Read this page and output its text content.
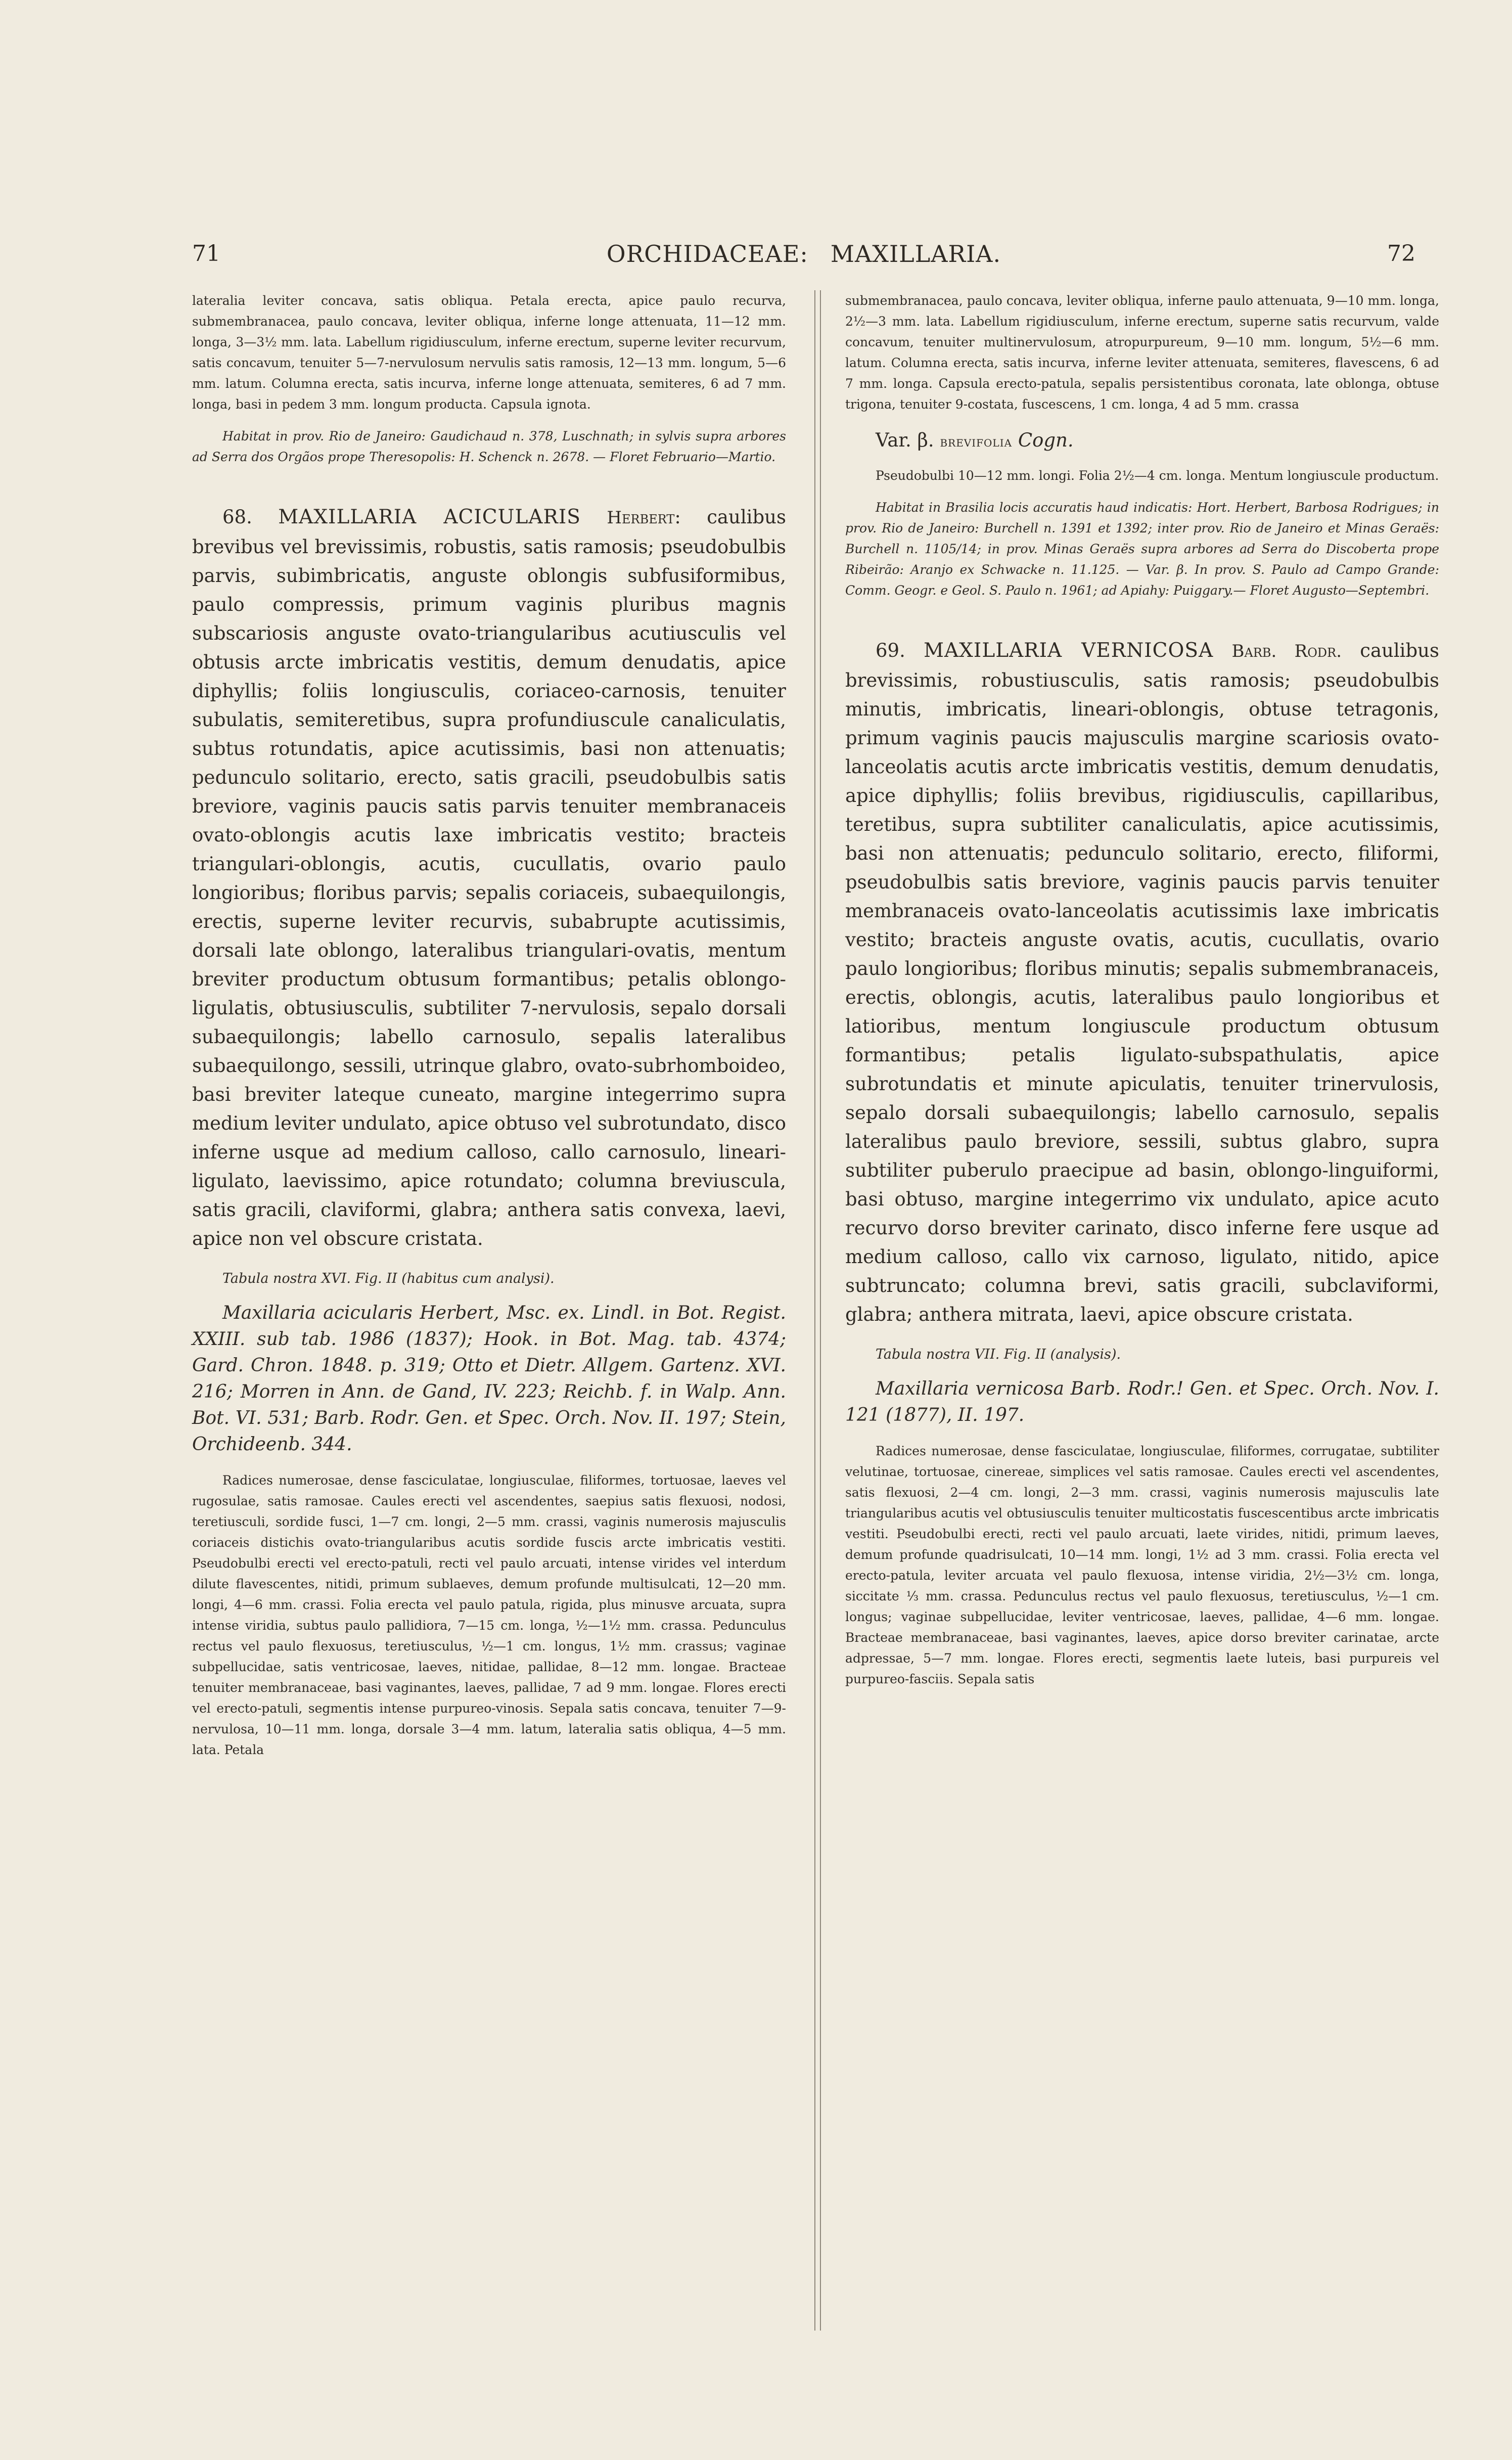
71	ORCHIDACEAE: MAXILLARIA.	72

lateralia leviter concava, satis obliqua. Petala erecta, apice paulo recurva, submembranacea, paulo concava, leviter obliqua, inferne longe attenuata, 11—12 mm. longa, 3—3½ mm. lata. Labellum rigidiusculum, inferne erectum, superne leviter recurvum, satis concavum, tenuiter 5—7-nervulosum nervulis satis ramosis, 12—13 mm. longum, 5—6 mm. latum. Columna erecta, satis incurva, inferne longe attenuata, semiteres, 6 ad 7 mm. longa, basi in pedem 3 mm. longum producta. Capsula ignota.

Habitat in prov. Rio de Janeiro: Gaudichaud n. 378, Luschnath; in sylvis supra arbores ad Serra dos Orgãos prope Theresopolis: H. Schenck n. 2678. — Floret Februario—Martio.

68. MAXILLARIA ACICULARIS Herbert: caulibus brevibus vel brevissimis, robustis, satis ramosis; pseudobulbis parvis, subimbricatis, anguste oblongis subfusiformibus, paulo compressis, primum vaginis pluribus magnis subscariosis anguste ovato-triangularibus acutiusculis vel obtusis arcte imbricatis vestitis, demum denudatis, apice diphyllis; foliis longiusculis, coriaceo-carnosis, tenuiter subulatis, semiteretibus, supra profundiuscule canaliculatis, subtus rotundatis, apice acutissimis, basi non attenuatis; pedunculo solitario, erecto, satis gracili, pseudobulbis satis breviore, vaginis paucis satis parvis tenuiter membranaceis ovato-oblongis acutis laxe imbricatis vestito; bracteis triangulari-oblongis, acutis, cucullatis, ovario paulo longioribus; floribus parvis; sepalis coriaceis, subaequilongis, erectis, superne leviter recurvis, subabrupte acutissimis, dorsali late oblongo, lateralibus triangulari-ovatis, mentum breviter productum obtusum formantibus; petalis oblongo-ligulatis, obtusiusculis, subtiliter 7-nervulosis, sepalo dorsali subaequilongis; labello carnosulo, sepalis lateralibus subaequilongo, sessili, utrinque glabro, ovato-subrhomboideo, basi breviter lateque cuneato, margine integerrimo supra medium leviter undulato, apice obtuso vel subrotundato, disco inferne usque ad medium calloso, callo carnosulo, lineari-ligulato, laevissimo, apice rotundato; columna breviuscula, satis gracili, claviformi, glabra; anthera satis convexa, laevi, apice non vel obscure cristata.

Tabula nostra XVI. Fig. II (habitus cum analysi).

Maxillaria acicularis Herbert, Msc. ex. Lindl. in Bot. Regist. XXIII. sub tab. 1986 (1837); Hook. in Bot. Mag. tab. 4374; Gard. Chron. 1848. p. 319; Otto et Dietr. Allgem. Gartenz. XVI. 216; Morren in Ann. de Gand, IV. 223; Reichb. f. in Walp. Ann. Bot. VI. 531; Barb. Rodr. Gen. et Spec. Orch. Nov. II. 197; Stein, Orchideenb. 344.

Radices numerosae, dense fasciculatae, longiusculae, filiformes, tortuosae, laeves vel rugosulae, satis ramosae. Caules erecti vel ascendentes, saepius satis flexuosi, nodosi, teretiusculi, sordide fusci, 1—7 cm. longi, 2—5 mm. crassi, vaginis numerosis majusculis coriaceis distichis ovato-triangularibus acutis sordide fuscis arcte imbricatis vestiti. Pseudobulbi erecti vel erecto-patuli, recti vel paulo arcuati, intense virides vel interdum dilute flavescentes, nitidi, primum sublaeves, demum profunde multisulcati, 12—20 mm. longi, 4—6 mm. crassi. Folia erecta vel paulo patula, rigida, plus minusve arcuata, supra intense viridia, subtus paulo pallidiora, 7—15 cm. longa, ½—1½ mm. crassa. Pedunculus rectus vel paulo flexuosus, teretiusculus, ½—1 cm. longus, 1½ mm. crassus; vaginae subpellucidae, satis ventricosae, laeves, nitidae, pallidae, 8—12 mm. longae. Bracteae tenuiter membranaceae, basi vaginantes, laeves, pallidae, 7 ad 9 mm. longae. Flores erecti vel erecto-patuli, segmentis intense purpureo-vinosis. Sepala satis concava, tenuiter 7—9-nervulosa, 10—11 mm. longa, dorsale 3—4 mm. latum, lateralia satis obliqua, 4—5 mm. lata. Petala

submembranacea, paulo concava, leviter obliqua, inferne paulo attenuata, 9—10 mm. longa, 2½—3 mm. lata. Labellum rigidiusculum, inferne erectum, superne satis recurvum, valde concavum, tenuiter multinervulosum, atropurpureum, 9—10 mm. longum, 5½—6 mm. latum. Columna erecta, satis incurva, inferne leviter attenuata, semiteres, flavescens, 6 ad 7 mm. longa. Capsula erecto-patula, sepalis persistentibus coronata, late oblonga, obtuse trigona, tenuiter 9-costata, fuscescens, 1 cm. longa, 4 ad 5 mm. crassa

Var. β. brevifolia Cogn.

Pseudobulbi 10—12 mm. longi. Folia 2½—4 cm. longa. Mentum longiuscule productum.

Habitat in Brasilia locis accuratis haud indicatis: Hort. Herbert, Barbosa Rodrigues; in prov. Rio de Janeiro: Burchell n. 1391 et 1392; inter prov. Rio de Janeiro et Minas Geraës: Burchell n. 1105/14; in prov. Minas Geraës supra arbores ad Serra do Discoberta prope Ribeirão: Aranjo ex Schwacke n. 11.125. — Var. β. In prov. S. Paulo ad Campo Grande: Comm. Geogr. e Geol. S. Paulo n. 1961; ad Apiahy: Puiggary.— Floret Augusto—Septembri.

69. MAXILLARIA VERNICOSA Barb. Rodr. caulibus brevissimis, robustiusculis, satis ramosis; pseudobulbis minutis, imbricatis, lineari-oblongis, obtuse tetragonis, primum vaginis paucis majusculis margine scariosis ovato-lanceolatis acutis arcte imbricatis vestitis, demum denudatis, apice diphyllis; foliis brevibus, rigidiusculis, capillaribus, teretibus, supra subtiliter canaliculatis, apice acutissimis, basi non attenuatis; pedunculo solitario, erecto, filiformi, pseudobulbis satis breviore, vaginis paucis parvis tenuiter membranaceis ovato-lanceolatis acutissimis laxe imbricatis vestito; bracteis anguste ovatis, acutis, cucullatis, ovario paulo longioribus; floribus minutis; sepalis submembranaceis, erectis, oblongis, acutis, lateralibus paulo longioribus et latioribus, mentum longiuscule productum obtusum formantibus; petalis ligulato-subspathulatis, apice subrotundatis et minute apiculatis, tenuiter trinervulosis, sepalo dorsali subaequilongis; labello carnosulo, sepalis lateralibus paulo breviore, sessili, subtus glabro, supra subtiliter puberulo praecipue ad basin, oblongo-linguiformi, basi obtuso, margine integerrimo vix undulato, apice acuto recurvo dorso breviter carinato, disco inferne fere usque ad medium calloso, callo vix carnoso, ligulato, nitido, apice subtruncato; columna brevi, satis gracili, subclaviformi, glabra; anthera mitrata, laevi, apice obscure cristata.

Tabula nostra VII. Fig. II (analysis).

Maxillaria vernicosa Barb. Rodr.! Gen. et Spec. Orch. Nov. I. 121 (1877), II. 197.

Radices numerosae, dense fasciculatae, longiusculae, filiformes, corrugatae, subtiliter velutinae, tortuosae, cinereae, simplices vel satis ramosae. Caules erecti vel ascendentes, satis flexuosi, 2—4 cm. longi, 2—3 mm. crassi, vaginis numerosis majusculis late triangularibus acutis vel obtusiusculis tenuiter multicostatis fuscescentibus arcte imbricatis vestiti. Pseudobulbi erecti, recti vel paulo arcuati, laete virides, nitidi, primum laeves, demum profunde quadrisulcati, 10—14 mm. longi, 1½ ad 3 mm. crassi. Folia erecta vel erecto-patula, leviter arcuata vel paulo flexuosa, intense viridia, 2½—3½ cm. longa, siccitate ⅓ mm. crassa. Pedunculus rectus vel paulo flexuosus, teretiusculus, ½—1 cm. longus; vaginae subpellucidae, leviter ventricosae, laeves, pallidae, 4—6 mm. longae. Bracteae membranaceae, basi vaginantes, laeves, apice dorso breviter carinatae, arcte adpressae, 5—7 mm. longae. Flores erecti, segmentis laete luteis, basi purpureis vel purpureo-fasciis. Sepala satis
